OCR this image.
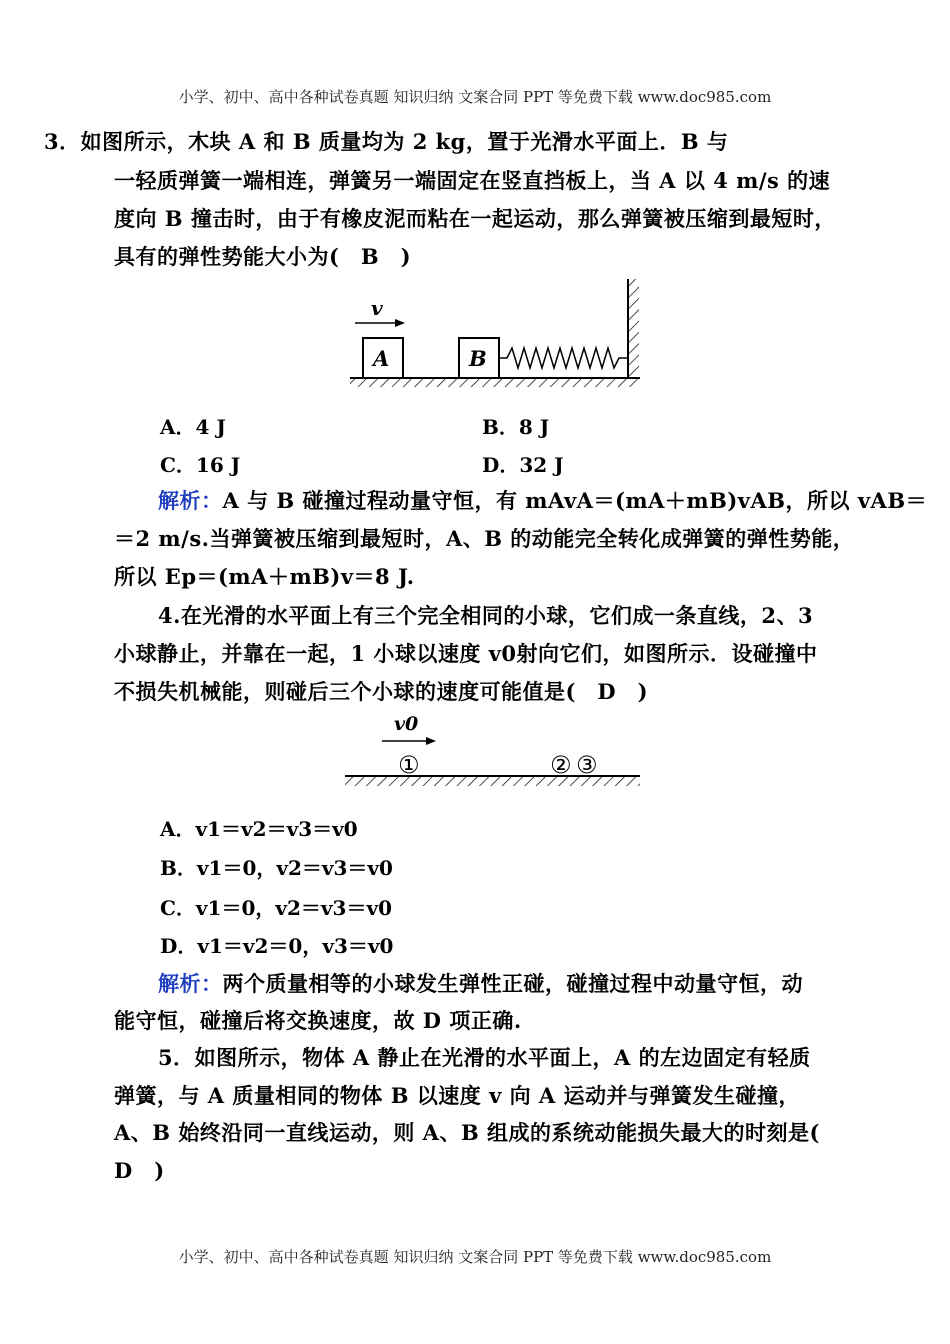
小学、初中、高中各种试卷真题 知识归纳 文案合同 PPT 等免费下载 www.doc985.com
3．如图所示，木块 A 和 B 质量均为 2 kg，置于光滑水平面上．B 与
一轻质弹簧一端相连，弹簧另一端固定在竖直挡板上，当 A 以 4 m/s 的速
度向 B 撞击时，由于有橡皮泥而粘在一起运动，那么弹簧被压缩到最短时，
具有的弹性势能大小为(　B　)
v
A	B
A．4 J	B．8 J
C．16 J	D．32 J
解析：A 与 B 碰撞过程动量守恒，有 mAvA＝(mA＋mB)vAB，所以 vAB＝
＝2 m/s.当弹簧被压缩到最短时，A、B 的动能完全转化成弹簧的弹性势能，
所以 Ep＝(mA＋mB)v＝8 J.
4.在光滑的水平面上有三个完全相同的小球，它们成一条直线，2、3
小球静止，并靠在一起，1 小球以速度 v0射向它们，如图所示．设碰撞中
不损失机械能，则碰后三个小球的速度可能值是(　D　)
v0
①	② ③
A．v1＝v2＝v3＝v0
B．v1＝0，v2＝v3＝v0
C．v1＝0，v2＝v3＝v0
D．v1＝v2＝0，v3＝v0
解析：两个质量相等的小球发生弹性正碰，碰撞过程中动量守恒，动
能守恒，碰撞后将交换速度，故 D 项正确.
5．如图所示，物体 A 静止在光滑的水平面上，A 的左边固定有轻质
弹簧，与 A 质量相同的物体 B 以速度 v 向 A 运动并与弹簧发生碰撞，
A、B 始终沿同一直线运动，则 A、B 组成的系统动能损失最大的时刻是(
D　)
小学、初中、高中各种试卷真题 知识归纳 文案合同 PPT 等免费下载 www.doc985.com
